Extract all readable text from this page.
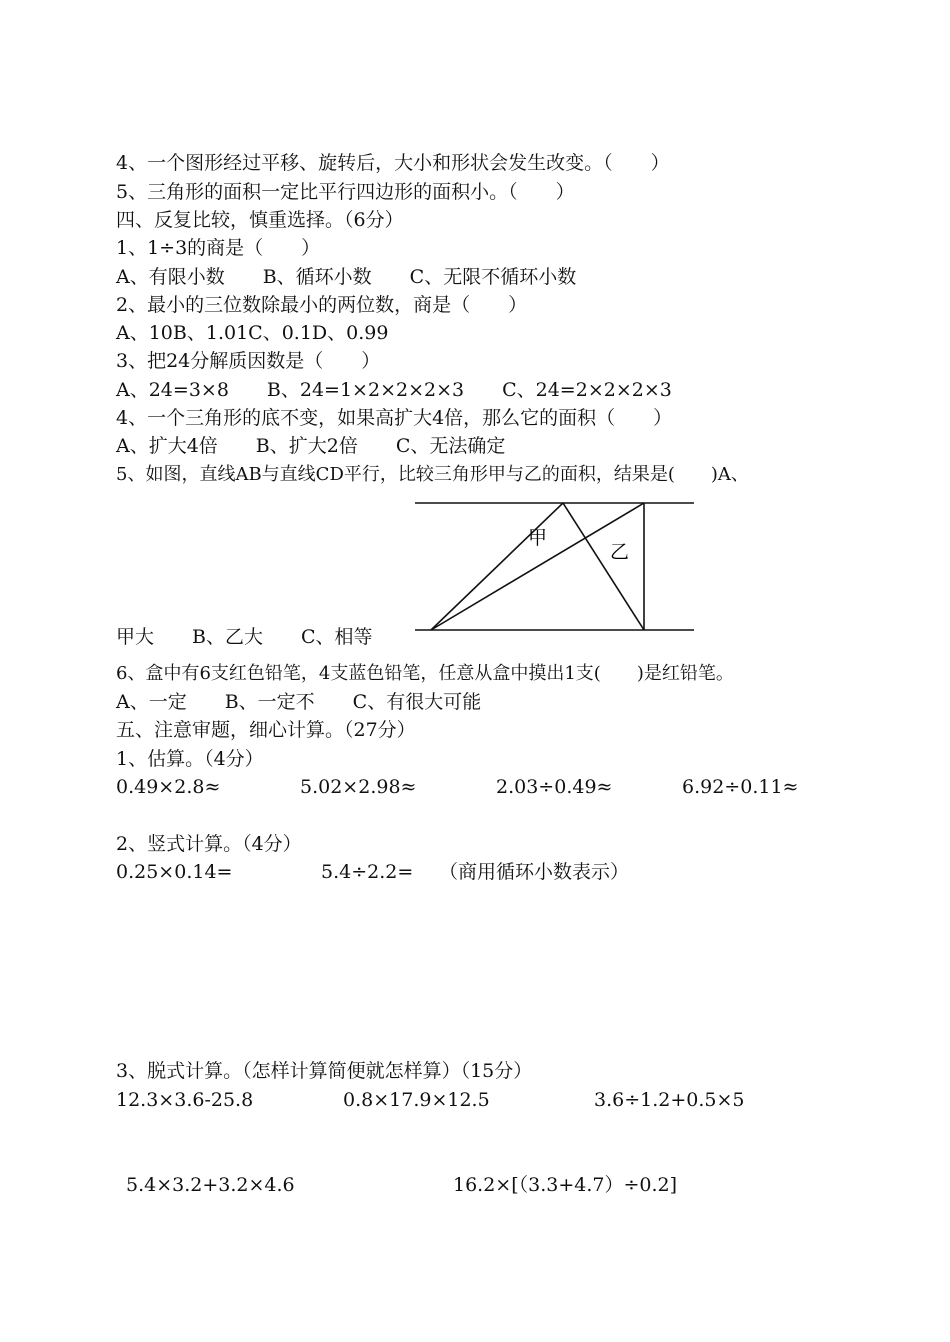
4、一个图形经过平移、旋转后，大小和形状会发生改变。（　　）

5、三角形的面积一定比平行四边形的面积小。（　　）

四、反复比较，慎重选择。（6分）

1、1÷3的商是（　　）

A、有限小数　　B、循环小数　　C、无限不循环小数

2、最小的三位数除最小的两位数，商是（　　）

A、10B、1.01C、0.1D、0.99

3、把24分解质因数是（　　）

A、24=3×8　　B、24=1×2×2×2×3　　C、24=2×2×2×3

4、一个三角形的底不变，如果高扩大4倍，那么它的面积（　　）

A、扩大4倍　　B、扩大2倍　　C、无法确定

5、如图，直线AB与直线CD平行，比较三角形甲与乙的面积，结果是(　　)A、

甲
乙

甲大　　B、乙大　　C、相等

6、盒中有6支红色铅笔，4支蓝色铅笔，任意从盒中摸出1支(　　)是红铅笔。

A、一定　　B、一定不　　C、有很大可能

五、注意审题，细心计算。（27分）

1、估算。（4分）

0.49×2.8≈	5.02×2.98≈	2.03÷0.49≈	6.92÷0.11≈

2、竖式计算。（4分）

0.25×0.14=	5.4÷2.2= （商用循环小数表示）

3、脱式计算。（怎样计算简便就怎样算）（15分）

12.3×3.6-25.8	0.8×17.9×12.5	3.6÷1.2+0.5×5

5.4×3.2+3.2×4.6	16.2×[（3.3+4.7）÷0.2]
